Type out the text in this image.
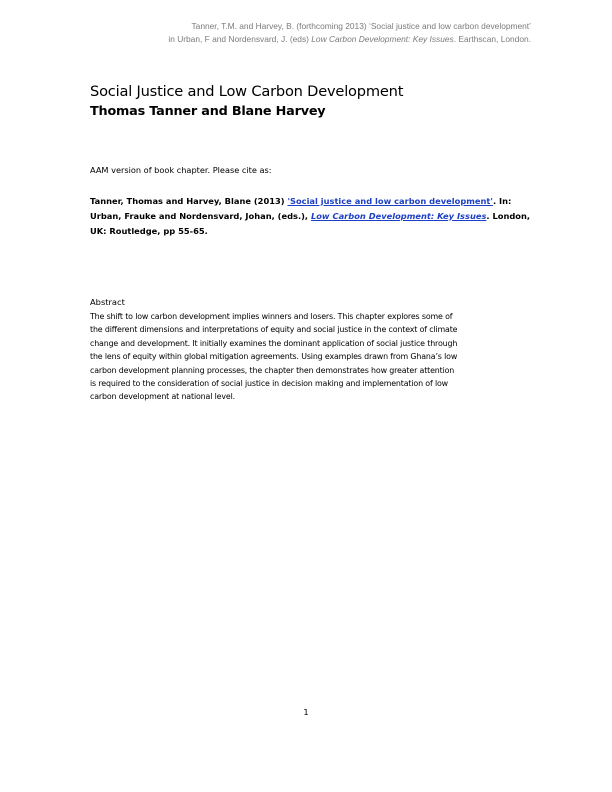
Tanner, T.M. and Harvey, B. (forthcoming 2013) ‘Social justice and low carbon development’
in Urban, F and Nordensvard, J. (eds) Low Carbon Development: Key Issues. Earthscan, London.
Social Justice and Low Carbon Development
Thomas Tanner and Blane Harvey
AAM version of book chapter. Please cite as:
Tanner, Thomas and Harvey, Blane (2013) 'Social justice and low carbon development'. In:
Urban, Frauke and Nordensvard, Johan, (eds.), Low Carbon Development: Key Issues. London,
UK: Routledge, pp 55-65.
Abstract
The shift to low carbon development implies winners and losers. This chapter explores some of
the different dimensions and interpretations of equity and social justice in the context of climate
change and development. It initially examines the dominant application of social justice through
the lens of equity within global mitigation agreements. Using examples drawn from Ghana’s low
carbon development planning processes, the chapter then demonstrates how greater attention
is required to the consideration of social justice in decision making and implementation of low
carbon development at national level.
1
